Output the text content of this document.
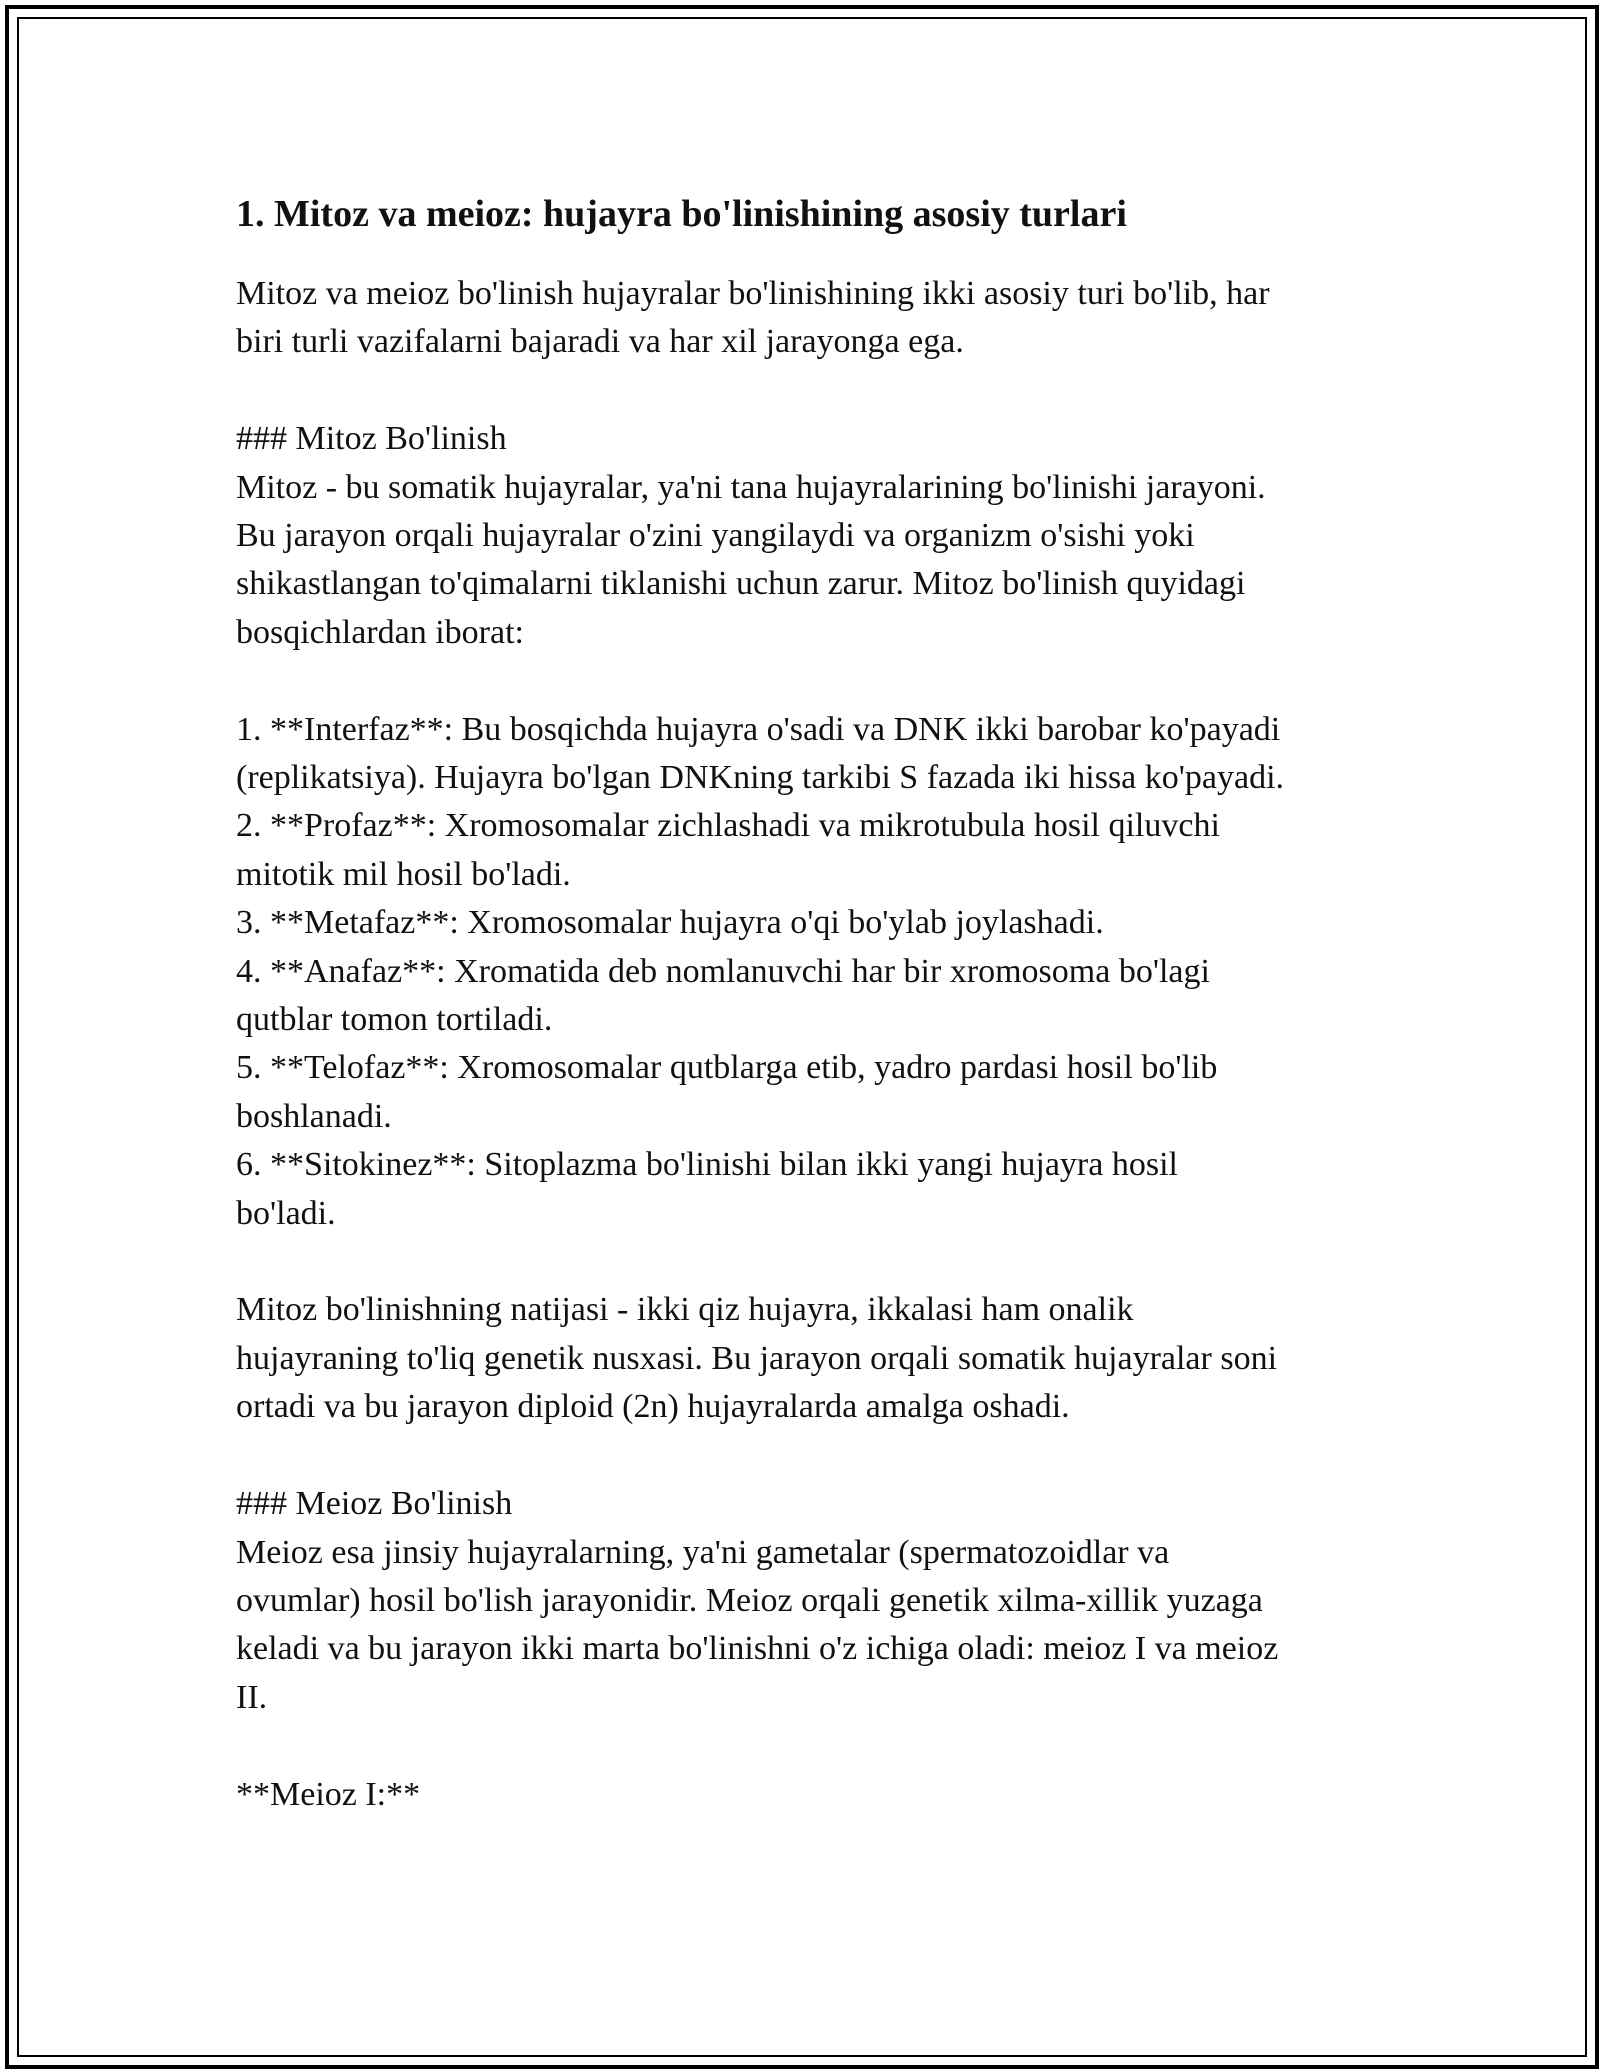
1. Mitoz va meioz: hujayra bo'linishining asosiy turlari
Mitoz va meioz bo'linish hujayralar bo'linishining ikki asosiy turi bo'lib, har
biri turli vazifalarni bajaradi va har xil jarayonga ega.
### Mitoz Bo'linish
Mitoz - bu somatik hujayralar, ya'ni tana hujayralarining bo'linishi jarayoni.
Bu jarayon orqali hujayralar o'zini yangilaydi va organizm o'sishi yoki
shikastlangan to'qimalarni tiklanishi uchun zarur. Mitoz bo'linish quyidagi
bosqichlardan iborat:
1. **Interfaz**: Bu bosqichda hujayra o'sadi va DNK ikki barobar ko'payadi
(replikatsiya). Hujayra bo'lgan DNKning tarkibi S fazada iki hissa ko'payadi.
2. **Profaz**: Xromosomalar zichlashadi va mikrotubula hosil qiluvchi
mitotik mil hosil bo'ladi.
3. **Metafaz**: Xromosomalar hujayra o'qi bo'ylab joylashadi.
4. **Anafaz**: Xromatida deb nomlanuvchi har bir xromosoma bo'lagi
qutblar tomon tortiladi.
5. **Telofaz**: Xromosomalar qutblarga etib, yadro pardasi hosil bo'lib
boshlanadi.
6. **Sitokinez**: Sitoplazma bo'linishi bilan ikki yangi hujayra hosil
bo'ladi.
Mitoz bo'linishning natijasi - ikki qiz hujayra, ikkalasi ham onalik
hujayraning to'liq genetik nusxasi. Bu jarayon orqali somatik hujayralar soni
ortadi va bu jarayon diploid (2n) hujayralarda amalga oshadi.
### Meioz Bo'linish
Meioz esa jinsiy hujayralarning, ya'ni gametalar (spermatozoidlar va
ovumlar) hosil bo'lish jarayonidir. Meioz orqali genetik xilma-xillik yuzaga
keladi va bu jarayon ikki marta bo'linishni o'z ichiga oladi: meioz I va meioz
II.
**Meioz I:**
